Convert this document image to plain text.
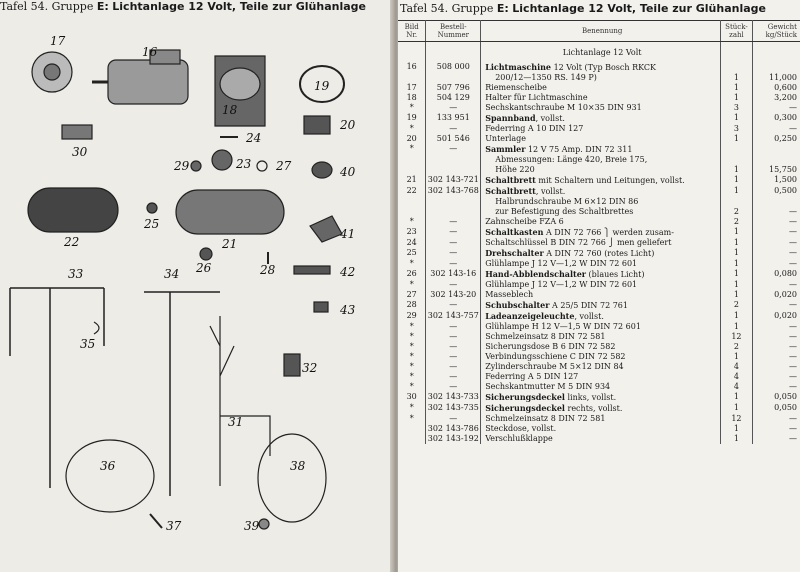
Tafel 54. Gruppe E: Lichtanlage 12 Volt, Teile zur Glühanlage
17
16
18
19
20
30
24
29	23 27	40
25
22	21
41
26	28	42
33	34
43
35
32
31
36	38
37	39
Tafel 54. Gruppe E: Lichtanlage 12 Volt, Teile zur Glühanlage
Bild Nr.	Bestell-Nummer	Benennung	Stück-zahl	Gewicht kg/Stück
		Lichtanlage 12 Volt		
16	508 000	Lichtmaschine 12 Volt (Typ Bosch RKCK		
		200/12—1350 RS. 149 P)	1	11,000
17	507 796	Riemenscheibe	1	0,600
18	504 129	Halter für Lichtmaschine	1	3,200
*	—	Sechskantschraube M 10×35 DIN 931	3	—
19	133 951	Spannband, vollst.	1	0,300
*	—	Federring A 10 DIN 127	3	—
20	501 546	Unterlage	1	0,250
*	—	Sammler 12 V 75 Amp. DIN 72 311		
		Abmessungen: Länge 420, Breie 175,		
		Höhe 220	1	15,750
21	302 143-721	Schaltbrett mit Schaltern und Leitungen, vollst.	1	1,500
22	302 143-768	Schaltbrett, vollst.	1	0,500
		Halbrundschraube M 6×12 DIN 86		
		zur Befestigung des Schaltbrettes	2	—
*	—	Zahnscheibe FZA 6	2	—
23	—	Schaltkasten A DIN 72 766 ⎫ werden zusam-	1	—
24	—	Schaltschlüssel B DIN 72 766 ⎭ men geliefert	1	—
25	—	Drehschalter A DIN 72 760 (rotes Licht)	1	—
*	—	Glühlampe J 12 V—1,2 W DIN 72 601	1	—
26	302 143-16	Hand-Abblendschalter (blaues Licht)	1	0,080
*	—	Glühlampe J 12 V—1,2 W DIN 72 601	1	—
27	302 143-20	Masseblech	1	0,020
28	—	Schubschalter A 25/5 DIN 72 761	2	—
29	302 143-757	Ladeanzeigeleuchte, vollst.	1	0,020
*	—	Glühlampe H 12 V—1,5 W DIN 72 601	1	—
*	—	Schmelzeinsatz 8 DIN 72 581	12	—
*	—	Sicherungsdose B 6 DIN 72 582	2	—
*	—	Verbindungsschiene C DIN 72 582	1	—
*	—	Zylinderschraube M 5×12 DIN 84	4	—
*	—	Federring A 5 DIN 127	4	—
*	—	Sechskantmutter M 5 DIN 934	4	—
30	302 143-733	Sicherungsdeckel links, vollst.	1	0,050
*	302 143-735	Sicherungsdeckel rechts, vollst.	1	0,050
*	—	Schmelzeinsatz 8 DIN 72 581	12	—
	302 143-786	Steckdose, vollst.	1	—
	302 143-192	Verschlußklappe	1	—
